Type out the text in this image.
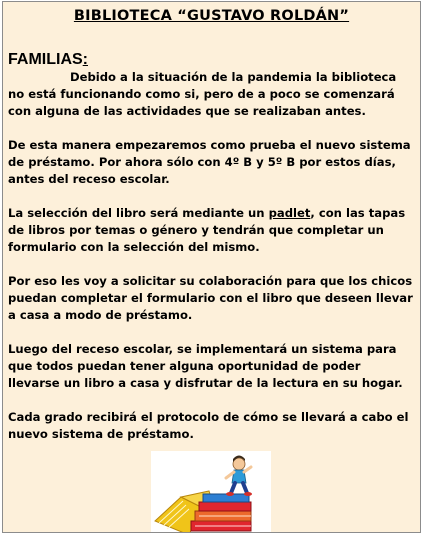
BIBLIOTECA “GUSTAVO ROLDÁN”
FAMILIAS:

Debido a la situación de la pandemia la biblioteca no está funcionando como si, pero de a poco se comenzará con alguna de las actividades que se realizaban antes.

De esta manera empezaremos como prueba el nuevo sistema de préstamo. Por ahora sólo con 4º B y 5º B por estos días, antes del receso escolar.

La selección del libro será mediante un padlet, con las tapas de libros por temas o género y tendrán que completar un formulario con la selección del mismo.

Por eso les voy a solicitar su colaboración para que los chicos puedan completar el formulario con el libro que deseen llevar a casa a modo de préstamo.

Luego del receso escolar, se implementará un sistema para que todos puedan tener alguna oportunidad de poder llevarse un libro a casa y disfrutar de la lectura en su hogar.

Cada grado recibirá el protocolo de cómo se llevará a cabo el nuevo sistema de préstamo.
